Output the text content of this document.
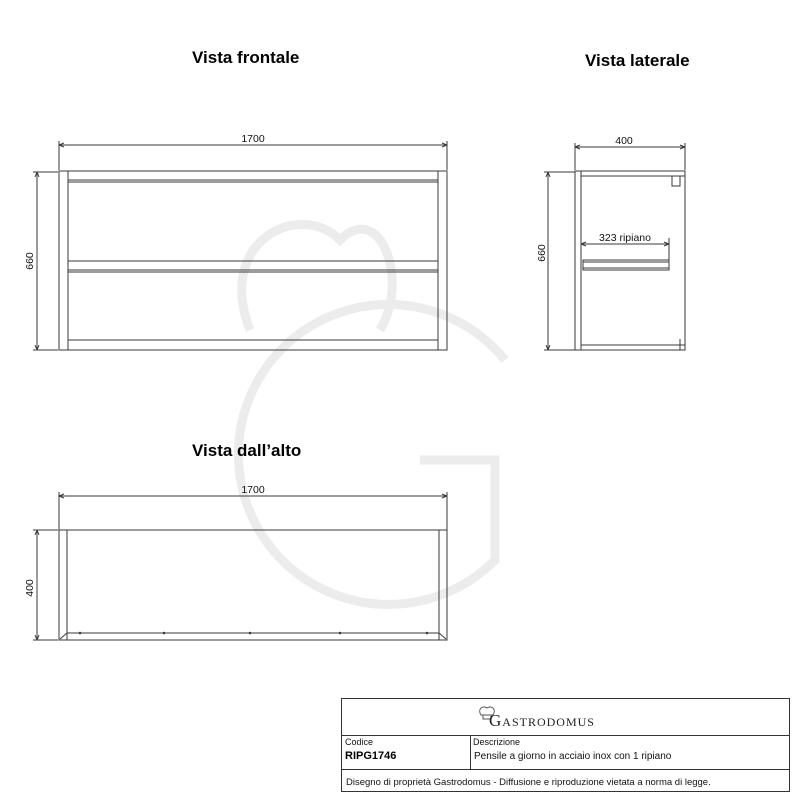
Vista frontale	Vista laterale
Vista dall’alto
1700
660
400
660
323 ripiano
1700
400
Gastrodomus
Codice
RIPG1746
Descrizione
Pensile a giorno in acciaio inox con 1 ripiano
Disegno di proprietà Gastrodomus - Diffusione e riproduzione vietata a norma di legge.
